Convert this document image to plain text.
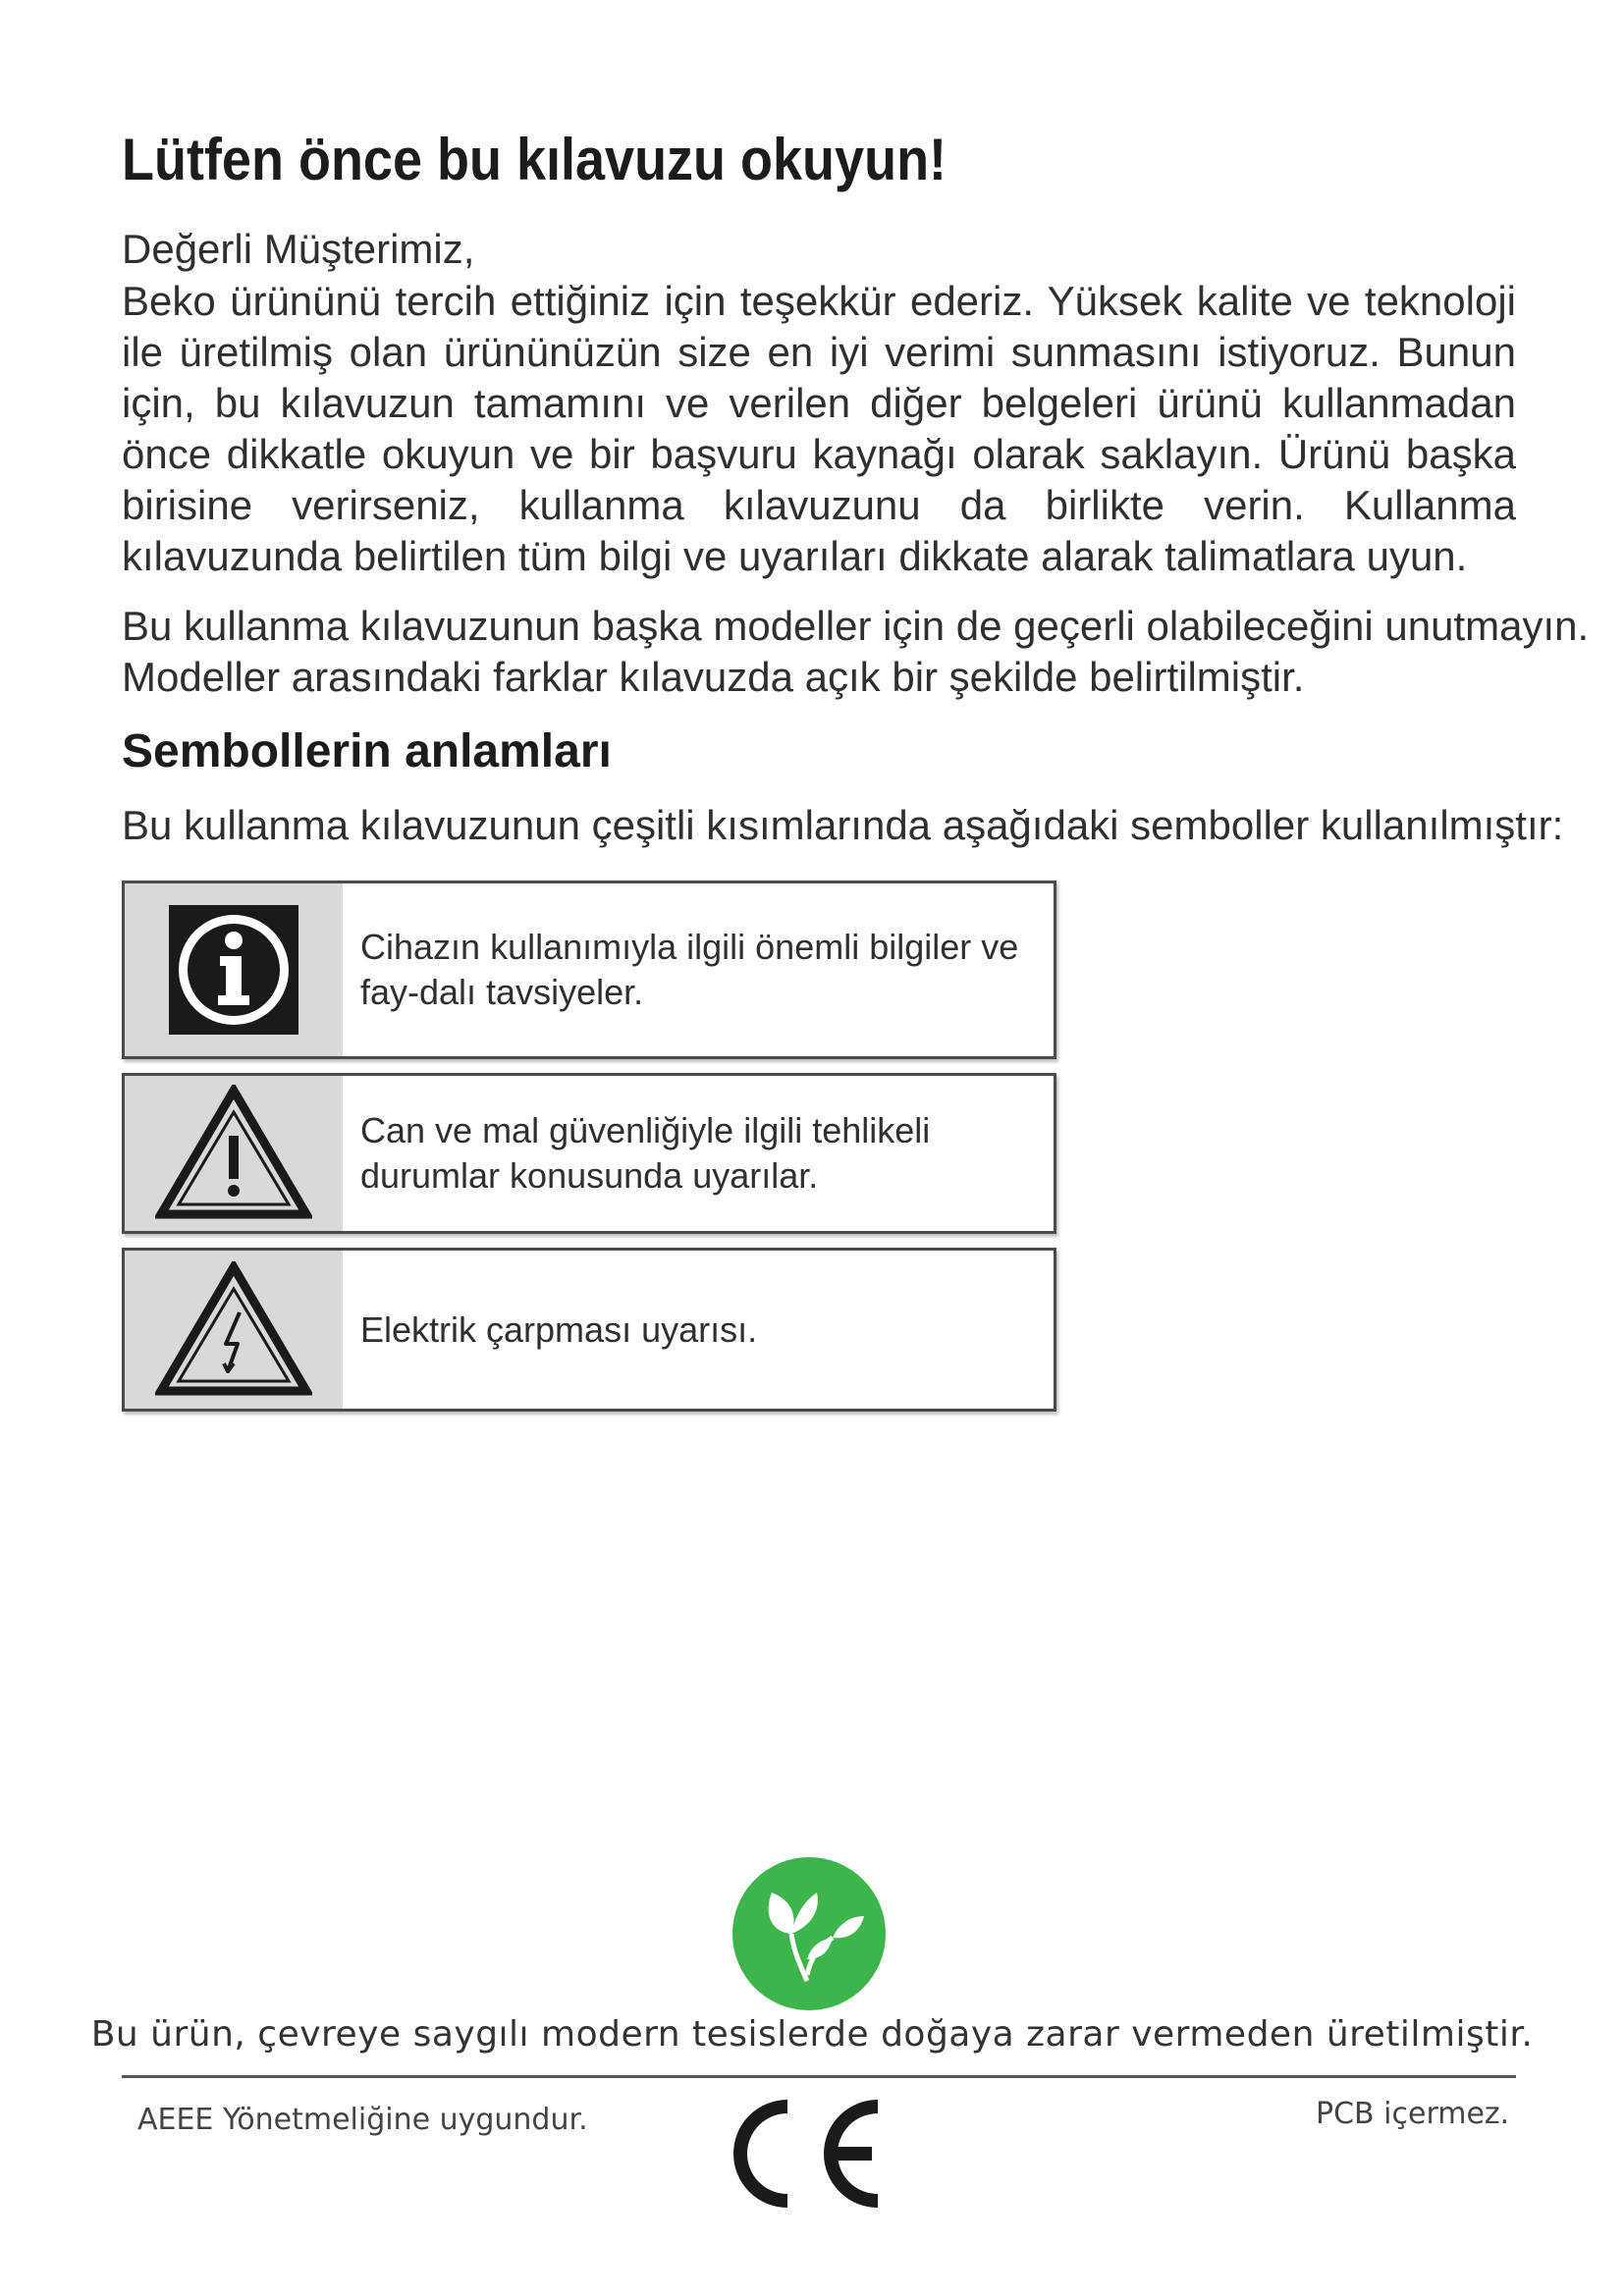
Lütfen önce bu kılavuzu okuyun!

Değerli Müşterimiz,

Beko ürününü tercih ettiğiniz için teşekkür ederiz. Yüksek kalite ve teknoloji ile üretilmiş olan ürününüzün size en iyi verimi sunmasını istiyoruz. Bunun için, bu kılavuzun tamamını ve verilen diğer belgeleri ürünü kullanmadan önce dikkatle okuyun ve bir başvuru kaynağı olarak saklayın. Ürünü başka birisine verirseniz, kullanma kılavuzunu da birlikte verin. Kullanma kılavuzunda belirtilen tüm bilgi ve uyarıları dikkate alarak talimatlara uyun.

Bu kullanma kılavuzunun başka modeller için de geçerli olabileceğini unutmayın.
Modeller arasındaki farklar kılavuzda açık bir şekilde belirtilmiştir.

Sembollerin anlamları

Bu kullanma kılavuzunun çeşitli kısımlarında aşağıdaki semboller kullanılmıştır:

Cihazın kullanımıyla ilgili önemli bilgiler ve fay-dalı tavsiyeler.

Can ve mal güvenliğiyle ilgili tehlikeli durumlar konusunda uyarılar.

Elektrik çarpması uyarısı.

Bu ürün, çevreye saygılı modern tesislerde doğaya zarar vermeden üretilmiştir.

AEEE Yönetmeliğine uygundur.	PCB içermez.
